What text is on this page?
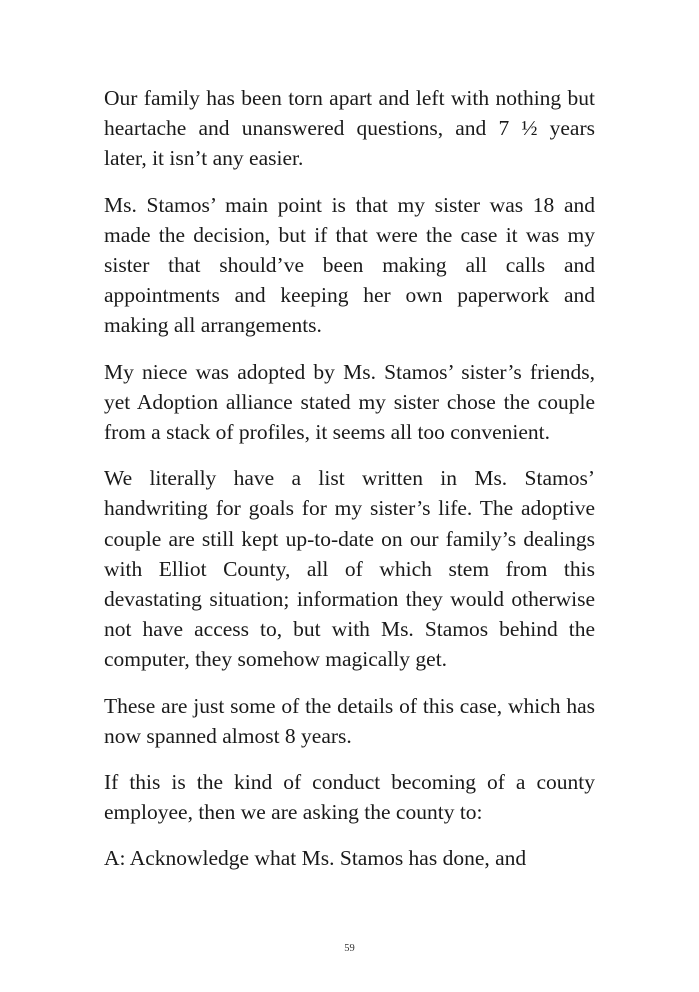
Our family has been torn apart and left with nothing but heartache and unanswered questions, and 7 ½ years later, it isn’t any easier.

Ms. Stamos’ main point is that my sister was 18 and made the decision, but if that were the case it was my sister that should’ve been making all calls and appointments and keeping her own paperwork and making all arrangements.

My niece was adopted by Ms. Stamos’ sister’s friends, yet Adoption alliance stated my sister chose the couple from a stack of profiles, it seems all too convenient.

We literally have a list written in Ms. Stamos’ handwriting for goals for my sister’s life. The adoptive couple are still kept up-to-date on our family’s dealings with Elliot County, all of which stem from this devastating situation; information they would otherwise not have access to, but with Ms. Stamos behind the computer, they somehow magically get.

These are just some of the details of this case, which has now spanned almost 8 years.

If this is the kind of conduct becoming of a county employee, then we are asking the county to:

A: Acknowledge what Ms. Stamos has done, and

59
